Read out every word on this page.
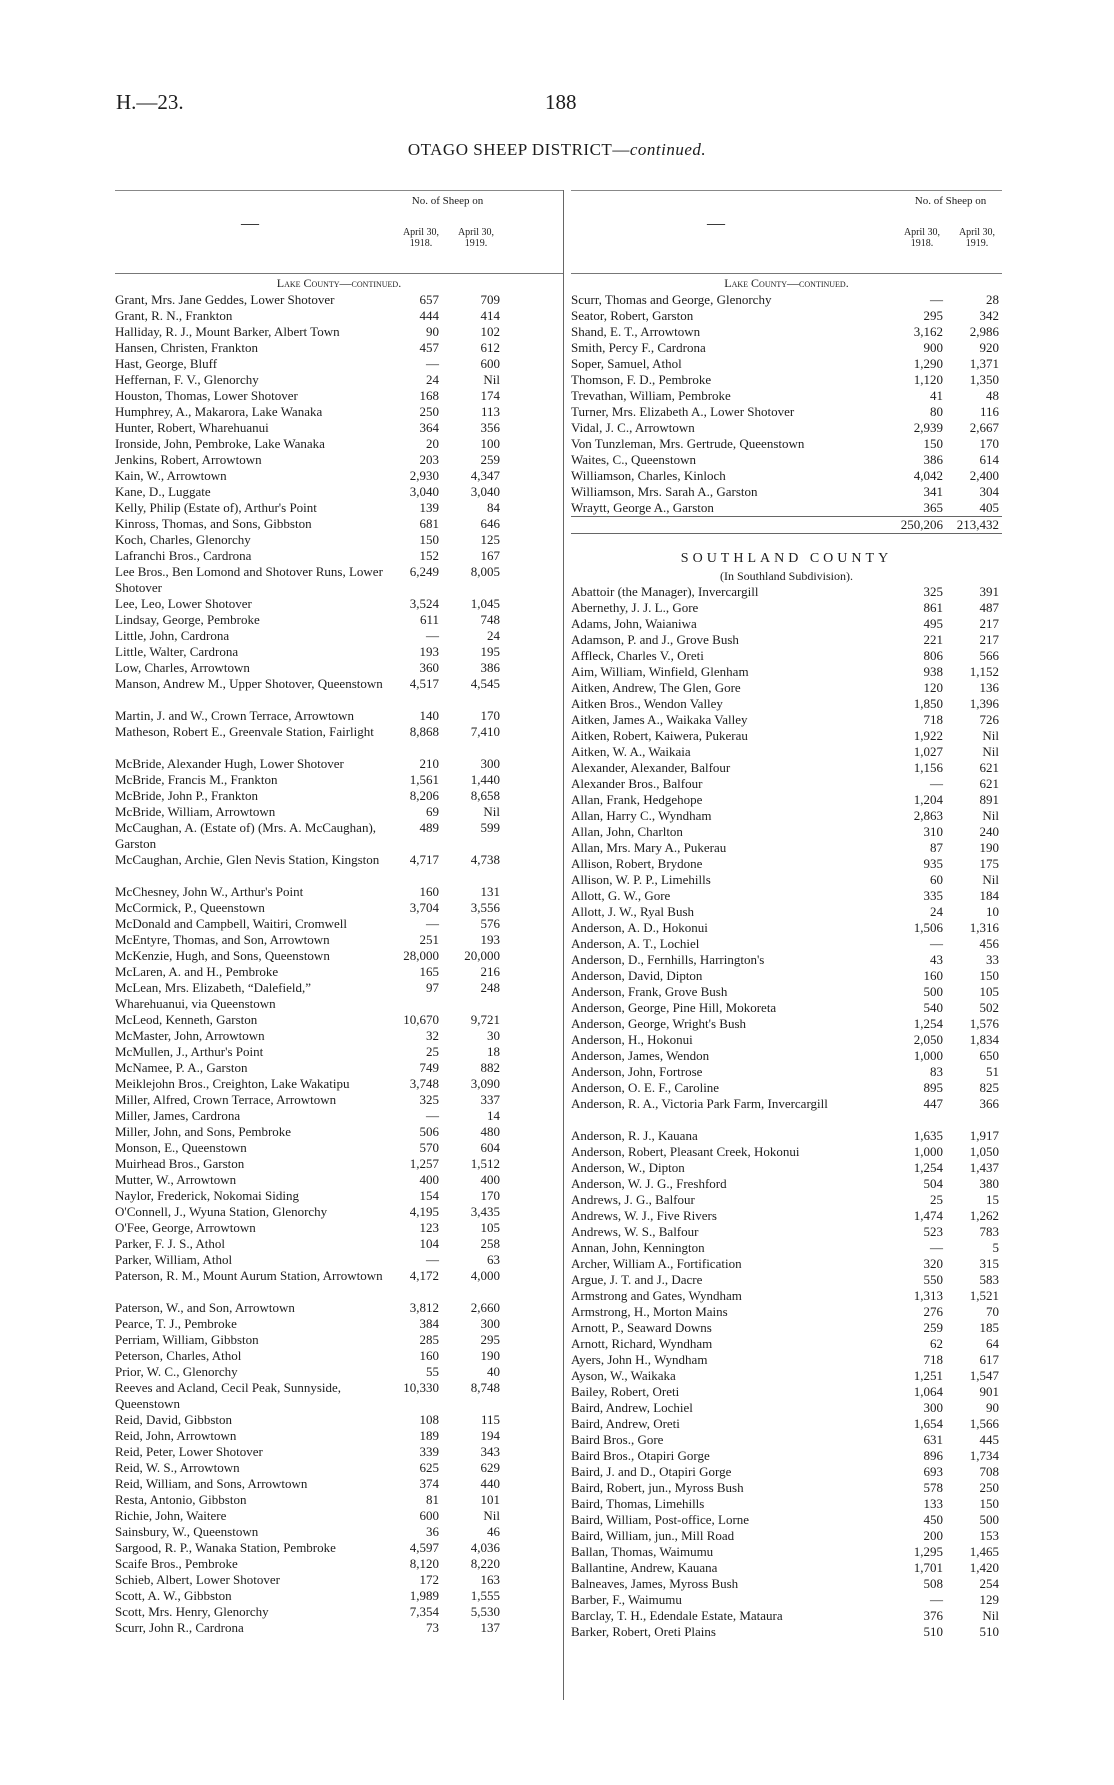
H.—23.	188
OTAGO SHEEP DISTRICT—continued.
—
No. of Sheep on
April 30, 1918.
April 30, 1919.
Lake County—continued.
Grant, Mrs. Jane Geddes, Lower Shotover	657	709
Grant, R. N., Frankton	444	414
Halliday, R. J., Mount Barker, Albert Town	90	102
Hansen, Christen, Frankton	457	612
Hast, George, Bluff	—	600
Heffernan, F. V., Glenorchy	24	Nil
Houston, Thomas, Lower Shotover	168	174
Humphrey, A., Makarora, Lake Wanaka	250	113
Hunter, Robert, Wharehuanui	364	356
Ironside, John, Pembroke, Lake Wanaka	20	100
Jenkins, Robert, Arrowtown	203	259
Kain, W., Arrowtown	2,930	4,347
Kane, D., Luggate	3,040	3,040
Kelly, Philip (Estate of), Arthur's Point	139	84
Kinross, Thomas, and Sons, Gibbston	681	646
Koch, Charles, Glenorchy	150	125
Lafranchi Bros., Cardrona	152	167
Lee Bros., Ben Lomond and Shotover Runs, Lower Shotover
6,249	8,005
Lee, Leo, Lower Shotover	3,524	1,045
Lindsay, George, Pembroke	611	748
Little, John, Cardrona	—	24
Little, Walter, Cardrona	193	195
Low, Charles, Arrowtown	360	386
Manson, Andrew M., Upper Shotover, Queenstown	4,517	4,545
Martin, J. and W., Crown Terrace, Arrowtown	140	170
Matheson, Robert E., Greenvale Station, Fairlight	8,868	7,410
McBride, Alexander Hugh, Lower Shotover	210	300
McBride, Francis M., Frankton	1,561	1,440
McBride, John P., Frankton	8,206	8,658
McBride, William, Arrowtown	69	Nil
McCaughan, A. (Estate of) (Mrs. A. McCaughan), Garston
489	599
McCaughan, Archie, Glen Nevis Station, Kingston	4,717	4,738
McChesney, John W., Arthur's Point	160	131
McCormick, P., Queenstown	3,704	3,556
McDonald and Campbell, Waitiri, Cromwell	—	576
McEntyre, Thomas, and Son, Arrowtown	251	193
McKenzie, Hugh, and Sons, Queenstown	28,000	20,000
McLaren, A. and H., Pembroke	165	216
McLean, Mrs. Elizabeth, “Dalefield,” Wharehuanui, via Queenstown
97	248
McLeod, Kenneth, Garston	10,670	9,721
McMaster, John, Arrowtown	32	30
McMullen, J., Arthur's Point	25	18
McNamee, P. A., Garston	749	882
Meiklejohn Bros., Creighton, Lake Wakatipu	3,748	3,090
Miller, Alfred, Crown Terrace, Arrowtown	325	337
Miller, James, Cardrona	—	14
Miller, John, and Sons, Pembroke	506	480
Monson, E., Queenstown	570	604
Muirhead Bros., Garston	1,257	1,512
Mutter, W., Arrowtown	400	400
Naylor, Frederick, Nokomai Siding	154	170
O'Connell, J., Wyuna Station, Glenorchy	4,195	3,435
O'Fee, George, Arrowtown	123	105
Parker, F. J. S., Athol	104	258
Parker, William, Athol	—	63
Paterson, R. M., Mount Aurum Station, Arrowtown	4,172	4,000
Paterson, W., and Son, Arrowtown	3,812	2,660
Pearce, T. J., Pembroke	384	300
Perriam, William, Gibbston	285	295
Peterson, Charles, Athol	160	190
Prior, W. C., Glenorchy	55	40
Reeves and Acland, Cecil Peak, Sunnyside, Queenstown
10,330	8,748
Reid, David, Gibbston	108	115
Reid, John, Arrowtown	189	194
Reid, Peter, Lower Shotover	339	343
Reid, W. S., Arrowtown	625	629
Reid, William, and Sons, Arrowtown	374	440
Resta, Antonio, Gibbston	81	101
Richie, John, Waitere	600	Nil
Sainsbury, W., Queenstown	36	46
Sargood, R. P., Wanaka Station, Pembroke	4,597	4,036
Scaife Bros., Pembroke	8,120	8,220
Schieb, Albert, Lower Shotover	172	163
Scott, A. W., Gibbston	1,989	1,555
Scott, Mrs. Henry, Glenorchy	7,354	5,530
Scurr, John R., Cardrona	73	137
—
No. of Sheep on
April 30, 1918.
April 30, 1919.
Lake County—continued.
Scurr, Thomas and George, Glenorchy	—	28
Seator, Robert, Garston	295	342
Shand, E. T., Arrowtown	3,162	2,986
Smith, Percy F., Cardrona	900	920
Soper, Samuel, Athol	1,290	1,371
Thomson, F. D., Pembroke	1,120	1,350
Trevathan, William, Pembroke	41	48
Turner, Mrs. Elizabeth A., Lower Shotover	80	116
Vidal, J. C., Arrowtown	2,939	2,667
Von Tunzleman, Mrs. Gertrude, Queenstown	150	170
Waites, C., Queenstown	386	614
Williamson, Charles, Kinloch	4,042	2,400
Williamson, Mrs. Sarah A., Garston	341	304
Wraytt, George A., Garston	365	405
250,206	213,432
SOUTHLAND COUNTY
(In Southland Subdivision).
Abattoir (the Manager), Invercargill	325	391
Abernethy, J. J. L., Gore	861	487
Adams, John, Waianiwa	495	217
Adamson, P. and J., Grove Bush	221	217
Affleck, Charles V., Oreti	806	566
Aim, William, Winfield, Glenham	938	1,152
Aitken, Andrew, The Glen, Gore	120	136
Aitken Bros., Wendon Valley	1,850	1,396
Aitken, James A., Waikaka Valley	718	726
Aitken, Robert, Kaiwera, Pukerau	1,922	Nil
Aitken, W. A., Waikaia	1,027	Nil
Alexander, Alexander, Balfour	1,156	621
Alexander Bros., Balfour	—	621
Allan, Frank, Hedgehope	1,204	891
Allan, Harry C., Wyndham	2,863	Nil
Allan, John, Charlton	310	240
Allan, Mrs. Mary A., Pukerau	87	190
Allison, Robert, Brydone	935	175
Allison, W. P. P., Limehills	60	Nil
Allott, G. W., Gore	335	184
Allott, J. W., Ryal Bush	24	10
Anderson, A. D., Hokonui	1,506	1,316
Anderson, A. T., Lochiel	—	456
Anderson, D., Fernhills, Harrington's	43	33
Anderson, David, Dipton	160	150
Anderson, Frank, Grove Bush	500	105
Anderson, George, Pine Hill, Mokoreta	540	502
Anderson, George, Wright's Bush	1,254	1,576
Anderson, H., Hokonui	2,050	1,834
Anderson, James, Wendon	1,000	650
Anderson, John, Fortrose	83	51
Anderson, O. E. F., Caroline	895	825
Anderson, R. A., Victoria Park Farm, Invercargill	447	366
Anderson, R. J., Kauana	1,635	1,917
Anderson, Robert, Pleasant Creek, Hokonui	1,000	1,050
Anderson, W., Dipton	1,254	1,437
Anderson, W. J. G., Freshford	504	380
Andrews, J. G., Balfour	25	15
Andrews, W. J., Five Rivers	1,474	1,262
Andrews, W. S., Balfour	523	783
Annan, John, Kennington	—	5
Archer, William A., Fortification	320	315
Argue, J. T. and J., Dacre	550	583
Armstrong and Gates, Wyndham	1,313	1,521
Armstrong, H., Morton Mains	276	70
Arnott, P., Seaward Downs	259	185
Arnott, Richard, Wyndham	62	64
Ayers, John H., Wyndham	718	617
Ayson, W., Waikaka	1,251	1,547
Bailey, Robert, Oreti	1,064	901
Baird, Andrew, Lochiel	300	90
Baird, Andrew, Oreti	1,654	1,566
Baird Bros., Gore	631	445
Baird Bros., Otapiri Gorge	896	1,734
Baird, J. and D., Otapiri Gorge	693	708
Baird, Robert, jun., Myross Bush	578	250
Baird, Thomas, Limehills	133	150
Baird, William, Post-office, Lorne	450	500
Baird, William, jun., Mill Road	200	153
Ballan, Thomas, Waimumu	1,295	1,465
Ballantine, Andrew, Kauana	1,701	1,420
Balneaves, James, Myross Bush	508	254
Barber, F., Waimumu	—	129
Barclay, T. H., Edendale Estate, Mataura	376	Nil
Barker, Robert, Oreti Plains	510	510
